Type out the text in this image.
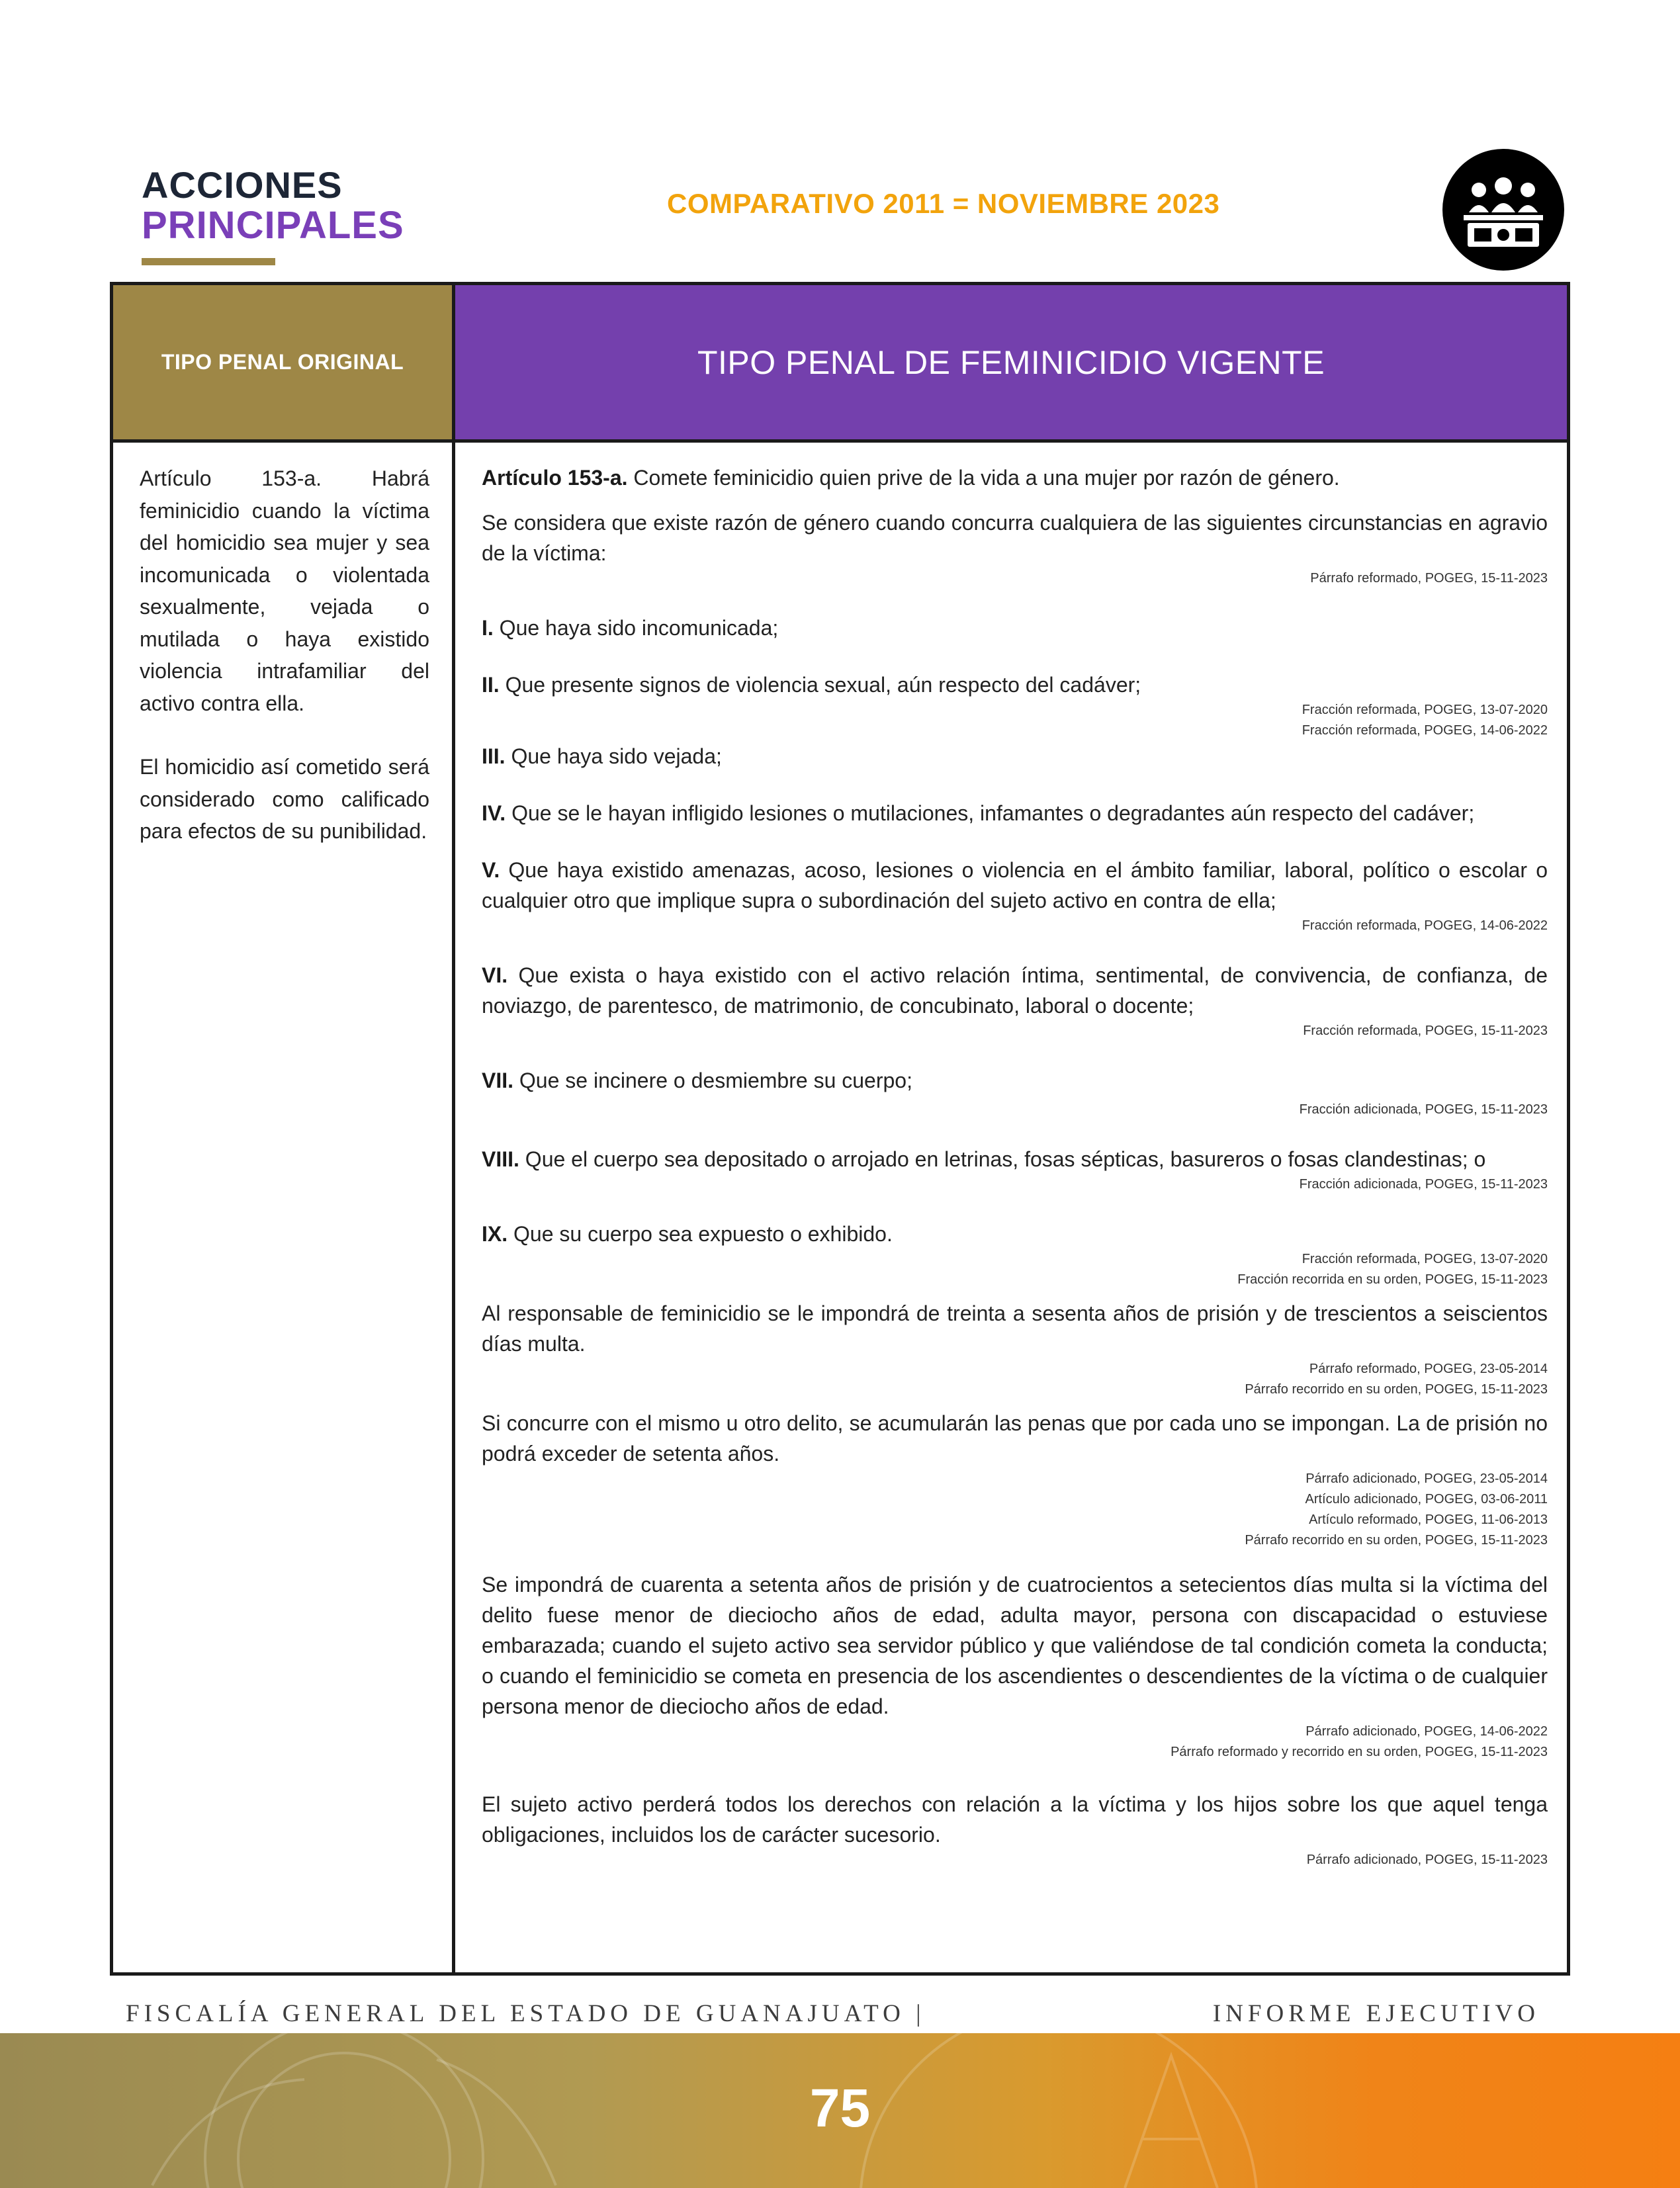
ACCIONES
PRINCIPALES
COMPARATIVO 2011 = NOVIEMBRE 2023
TIPO PENAL ORIGINAL	TIPO PENAL DE FEMINICIDIO VIGENTE

Artículo 153-a. Habrá feminicidio cuando la víctima del homicidio sea mujer y sea incomunicada o violentada sexualmente, vejada o mutilada o haya existido violencia intrafamiliar del activo contra ella.

El homicidio así cometido será considerado como calificado para efectos de su punibilidad.

Artículo 153-a. Comete feminicidio quien prive de la vida a una mujer por razón de género.

Se considera que existe razón de género cuando concurra cualquiera de las siguientes circunstancias en agravio de la víctima:

Párrafo reformado, POGEG, 15-11-2023

I. Que haya sido incomunicada;

II. Que presente signos de violencia sexual, aún respecto del cadáver;

Fracción reformada, POGEG, 13-07-2020
Fracción reformada, POGEG, 14-06-2022

III. Que haya sido vejada;

IV. Que se le hayan infligido lesiones o mutilaciones, infamantes o degradantes aún respecto del cadáver;

V. Que haya existido amenazas, acoso, lesiones o violencia en el ámbito familiar, laboral, político o escolar o cualquier otro que implique supra o subordinación del sujeto activo en contra de ella;

Fracción reformada, POGEG, 14-06-2022

VI. Que exista o haya existido con el activo relación íntima, sentimental, de convivencia, de confianza, de noviazgo, de parentesco, de matrimonio, de concubinato, laboral o docente;

Fracción reformada, POGEG, 15-11-2023

VII. Que se incinere o desmiembre su cuerpo;

Fracción adicionada, POGEG, 15-11-2023

VIII. Que el cuerpo sea depositado o arrojado en letrinas, fosas sépticas, basureros o fosas clandestinas; o

Fracción adicionada, POGEG, 15-11-2023

IX. Que su cuerpo sea expuesto o exhibido.

Fracción reformada, POGEG, 13-07-2020
Fracción recorrida en su orden, POGEG, 15-11-2023

Al responsable de feminicidio se le impondrá de treinta a sesenta años de prisión y de trescientos a seiscientos días multa.

Párrafo reformado, POGEG, 23-05-2014
Párrafo recorrido en su orden, POGEG, 15-11-2023

Si concurre con el mismo u otro delito, se acumularán las penas que por cada uno se impongan. La de prisión no podrá exceder de setenta años.

Párrafo adicionado, POGEG, 23-05-2014
Artículo adicionado, POGEG, 03-06-2011
Artículo reformado, POGEG, 11-06-2013
Párrafo recorrido en su orden, POGEG, 15-11-2023

Se impondrá de cuarenta a setenta años de prisión y de cuatrocientos a setecientos días multa si la víctima del delito fuese menor de dieciocho años de edad, adulta mayor, persona con discapacidad o estuviese embarazada; cuando el sujeto activo sea servidor público y que valiéndose de tal condición cometa la conducta; o cuando el feminicidio se cometa en presencia de los ascendientes o descendientes de la víctima o de cualquier persona menor de dieciocho años de edad.

Párrafo adicionado, POGEG, 14-06-2022
Párrafo reformado y recorrido en su orden, POGEG, 15-11-2023

El sujeto activo perderá todos los derechos con relación a la víctima y los hijos sobre los que aquel tenga obligaciones, incluidos los de carácter sucesorio.

Párrafo adicionado, POGEG, 15-11-2023
FISCALÍA GENERAL DEL ESTADO DE GUANAJUATO |	INFORME EJECUTIVO
75
